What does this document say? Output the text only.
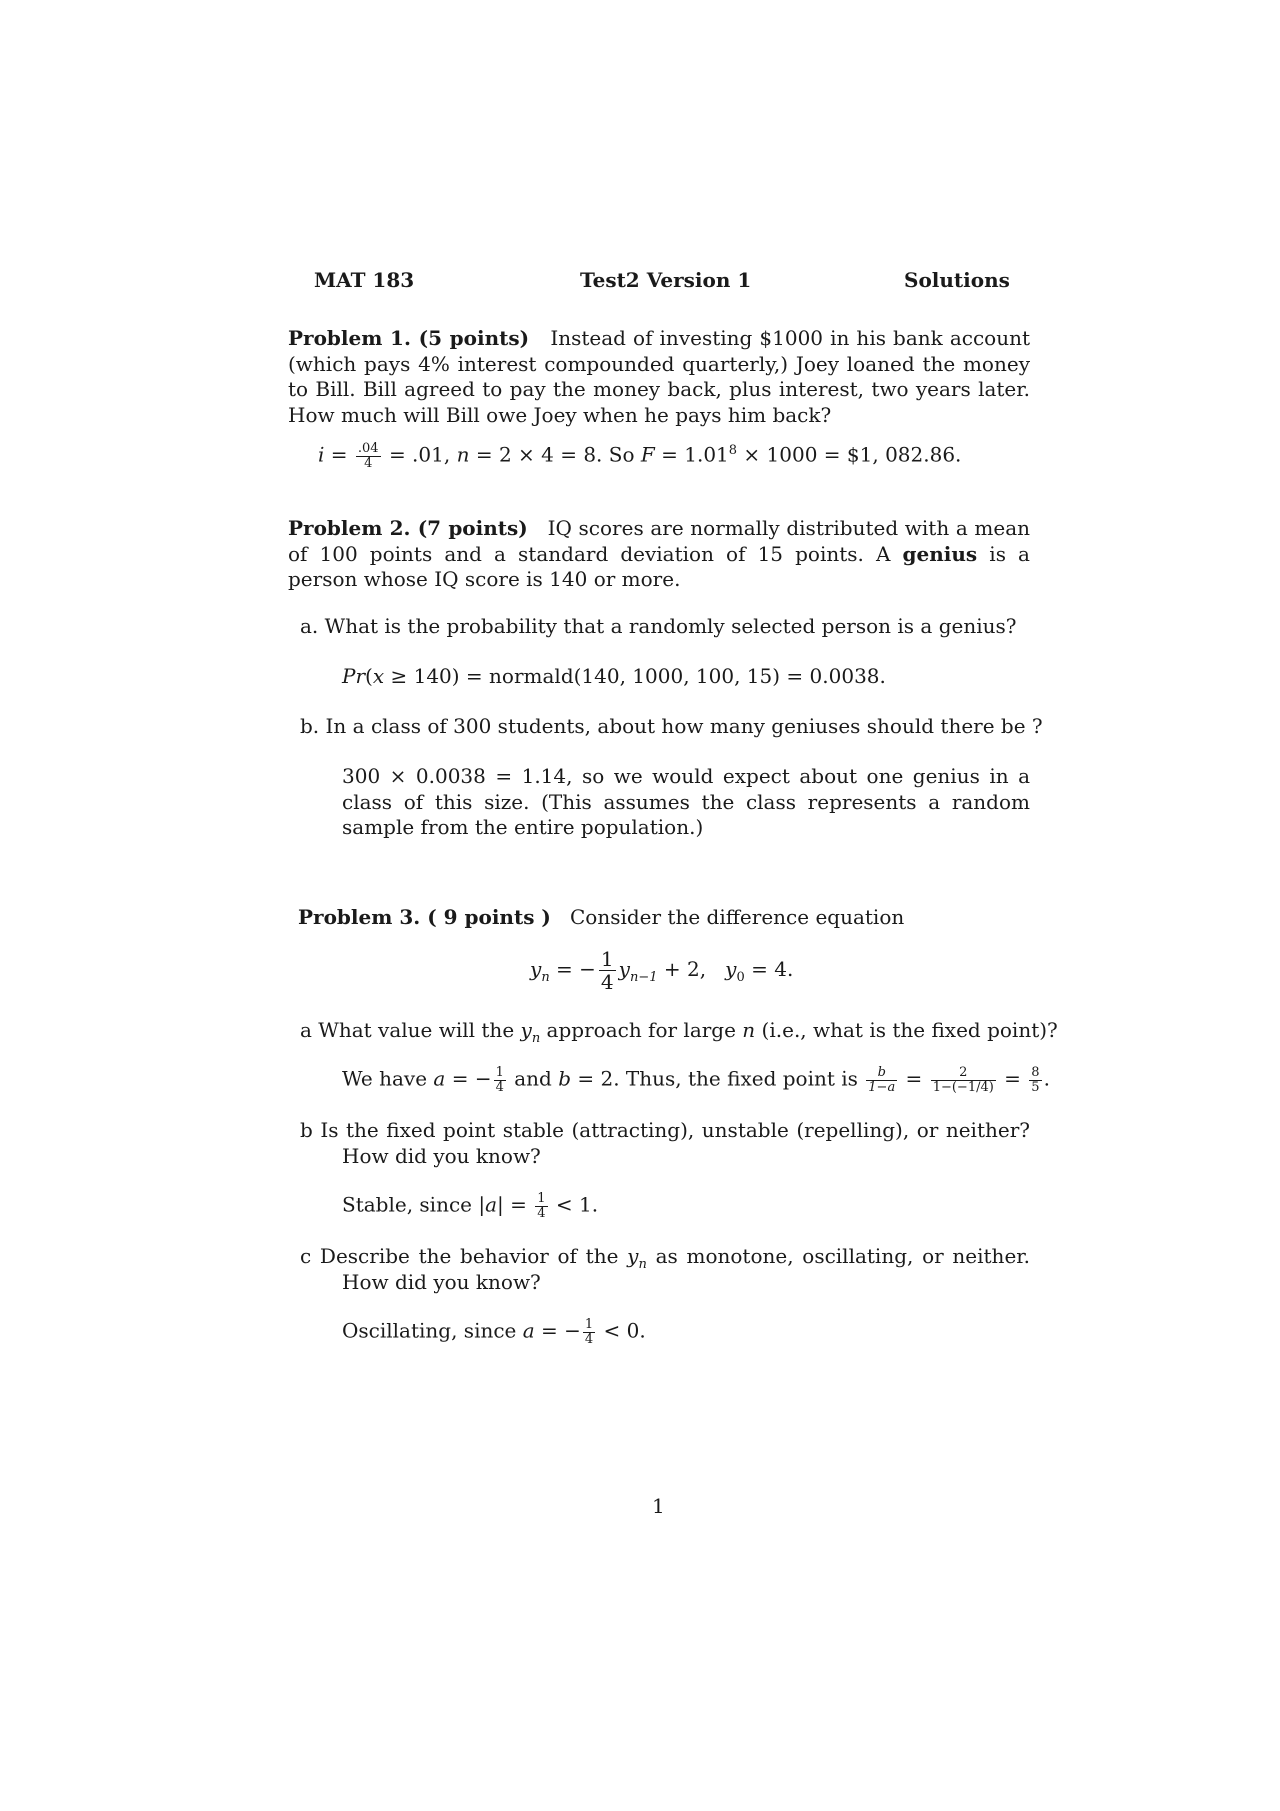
MAT 183	Test2 Version 1	Solutions
Problem 1. (5 points) Instead of investing $1000 in his bank account (which pays 4% interest compounded quarterly,) Joey loaned the money to Bill. Bill agreed to pay the money back, plus interest, two years later. How much will Bill owe Joey when he pays him back?
$i = \frac{.04}{4} = .01$, n = 2 × 4 = 8. So $F = 1.01^8 \times 1000$ = $1, 082.86.
Problem 2. (7 points) IQ scores are normally distributed with a mean of 100 points and a standard deviation of 15 points. A genius is a person whose IQ score is 140 or more.
a. What is the probability that a randomly selected person is a genius?
Pr(x ≥ 140) = normald(140, 1000, 100, 15) = 0.0038.
b. In a class of 300 students, about how many geniuses should there be ?
300 × 0.0038 = 1.14, so we would expect about one genius in a class of this size. (This assumes the class represents a random sample from the entire population.)
Problem 3. ( 9 points ) Consider the difference equation
$y_n$ = − $\frac{1}{4} y_{n-1} + 2$, $y_0 = 4$.
a What value will the $y_n$ approach for large n (i.e., what is the fixed point)?
We have a = − $\frac{1}{4}$ and b = 2. Thus, the fixed point is $\frac{b}{1-a} = \frac{2}{1-(-1/4)} = \frac{8}{5}$ .
b Is the fixed point stable (attracting), unstable (repelling), or neither? How did you know?
Stable, since $|a| = \frac{1}{4} < 1$.
c Describe the behavior of the $y_n$ as monotone, oscillating, or neither. How did you know?
Oscillating, since a = − $\frac{1}{4} < 0$.
1
